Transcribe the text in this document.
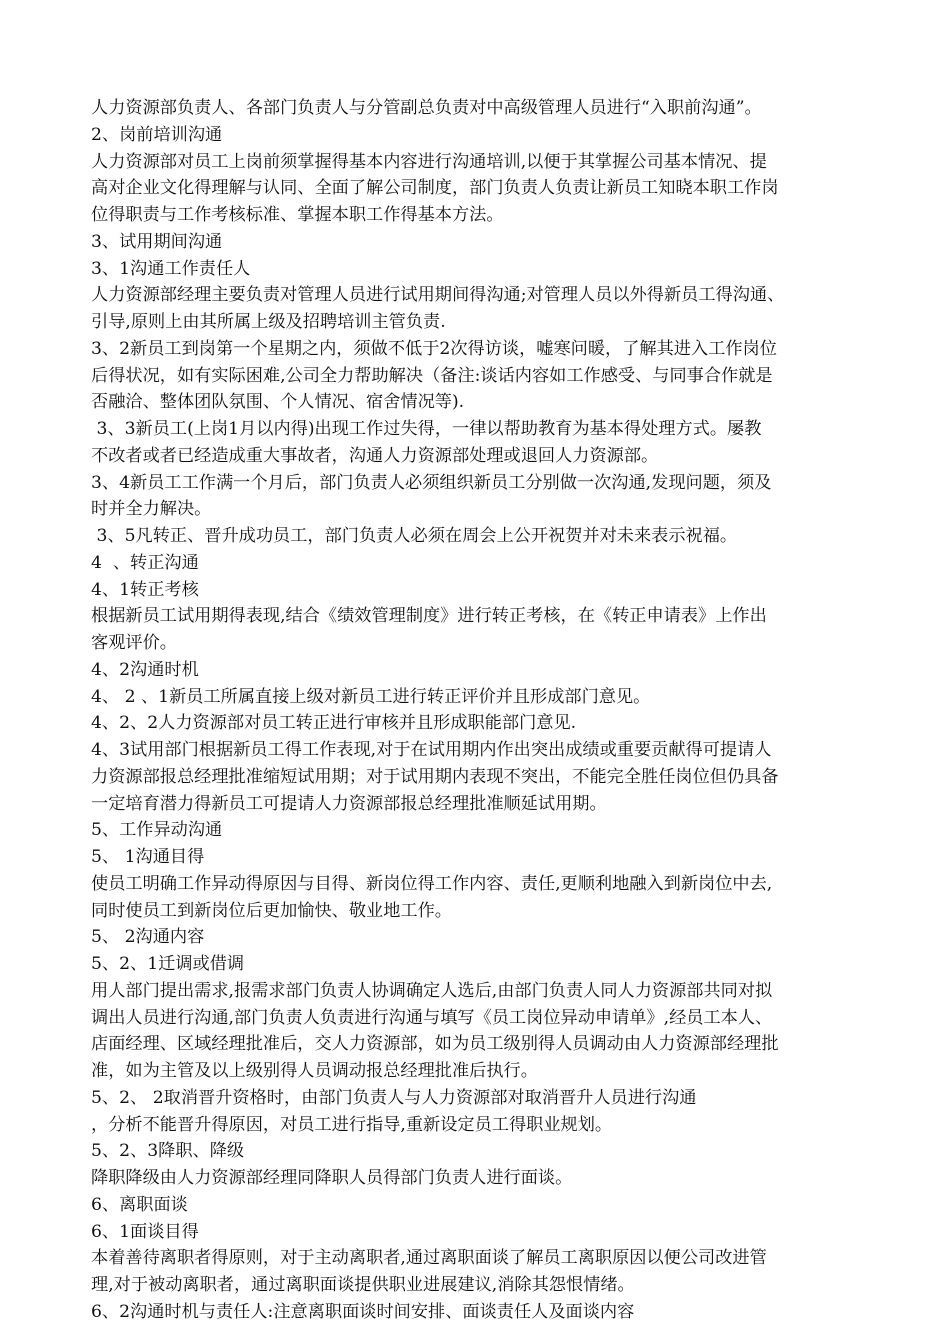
人力资源部负责人、各部门负责人与分管副总负责对中高级管理人员进行“入职前沟通”。
2、岗前培训沟通
人力资源部对员工上岗前须掌握得基本内容进行沟通培训,以便于其掌握公司基本情况、提
高对企业文化得理解与认同、全面了解公司制度，部门负责人负责让新员工知晓本职工作岗
位得职责与工作考核标准、掌握本职工作得基本方法。
3、试用期间沟通
3、1沟通工作责任人
人力资源部经理主要负责对管理人员进行试用期间得沟通;对管理人员以外得新员工得沟通、
引导,原则上由其所属上级及招聘培训主管负责.
3、2新员工到岗第一个星期之内，须做不低于2次得访谈，嘘寒问暖，了解其进入工作岗位
后得状况，如有实际困难,公司全力帮助解决（备注:谈话内容如工作感受、与同事合作就是
否融洽、整体团队氛围、个人情况、宿舍情况等).
3、3新员工(上岗1月以内得)出现工作过失得，一律以帮助教育为基本得处理方式。屡教
不改者或者已经造成重大事故者，沟通人力资源部处理或退回人力资源部。
3、4新员工工作满一个月后，部门负责人必须组织新员工分别做一次沟通,发现问题，须及
时并全力解决。
3、5凡转正、晋升成功员工，部门负责人必须在周会上公开祝贺并对未来表示祝福。
4  、转正沟通
4、1转正考核
根据新员工试用期得表现,结合《绩效管理制度》进行转正考核，在《转正申请表》上作出
客观评价。
4、2沟通时机
4、 2 、1新员工所属直接上级对新员工进行转正评价并且形成部门意见。
4、2、2人力资源部对员工转正进行审核并且形成职能部门意见.
4、3试用部门根据新员工得工作表现,对于在试用期内作出突出成绩或重要贡献得可提请人
力资源部报总经理批准缩短试用期；对于试用期内表现不突出，不能完全胜任岗位但仍具备
一定培育潜力得新员工可提请人力资源部报总经理批准顺延试用期。
5、工作异动沟通
5、 1沟通目得
使员工明确工作异动得原因与目得、新岗位得工作内容、责任,更顺利地融入到新岗位中去,
同时使员工到新岗位后更加愉快、敬业地工作。
5、 2沟通内容
5、2、1迁调或借调
用人部门提出需求,报需求部门负责人协调确定人选后,由部门负责人同人力资源部共同对拟
调出人员进行沟通,部门负责人负责进行沟通与填写《员工岗位异动申请单》,经员工本人、
店面经理、区域经理批准后，交人力资源部，如为员工级别得人员调动由人力资源部经理批
准，如为主管及以上级别得人员调动报总经理批准后执行。
5、2、 2取消晋升资格时，由部门负责人与人力资源部对取消晋升人员进行沟通
，分析不能晋升得原因，对员工进行指导,重新设定员工得职业规划。
5、2、3降职、降级
降职降级由人力资源部经理同降职人员得部门负责人进行面谈。
6、离职面谈
6、1面谈目得
本着善待离职者得原则，对于主动离职者,通过离职面谈了解员工离职原因以便公司改进管
理,对于被动离职者，通过离职面谈提供职业进展建议,消除其怨恨情绪。
6、2沟通时机与责任人:注意离职面谈时间安排、面谈责任人及面谈内容
